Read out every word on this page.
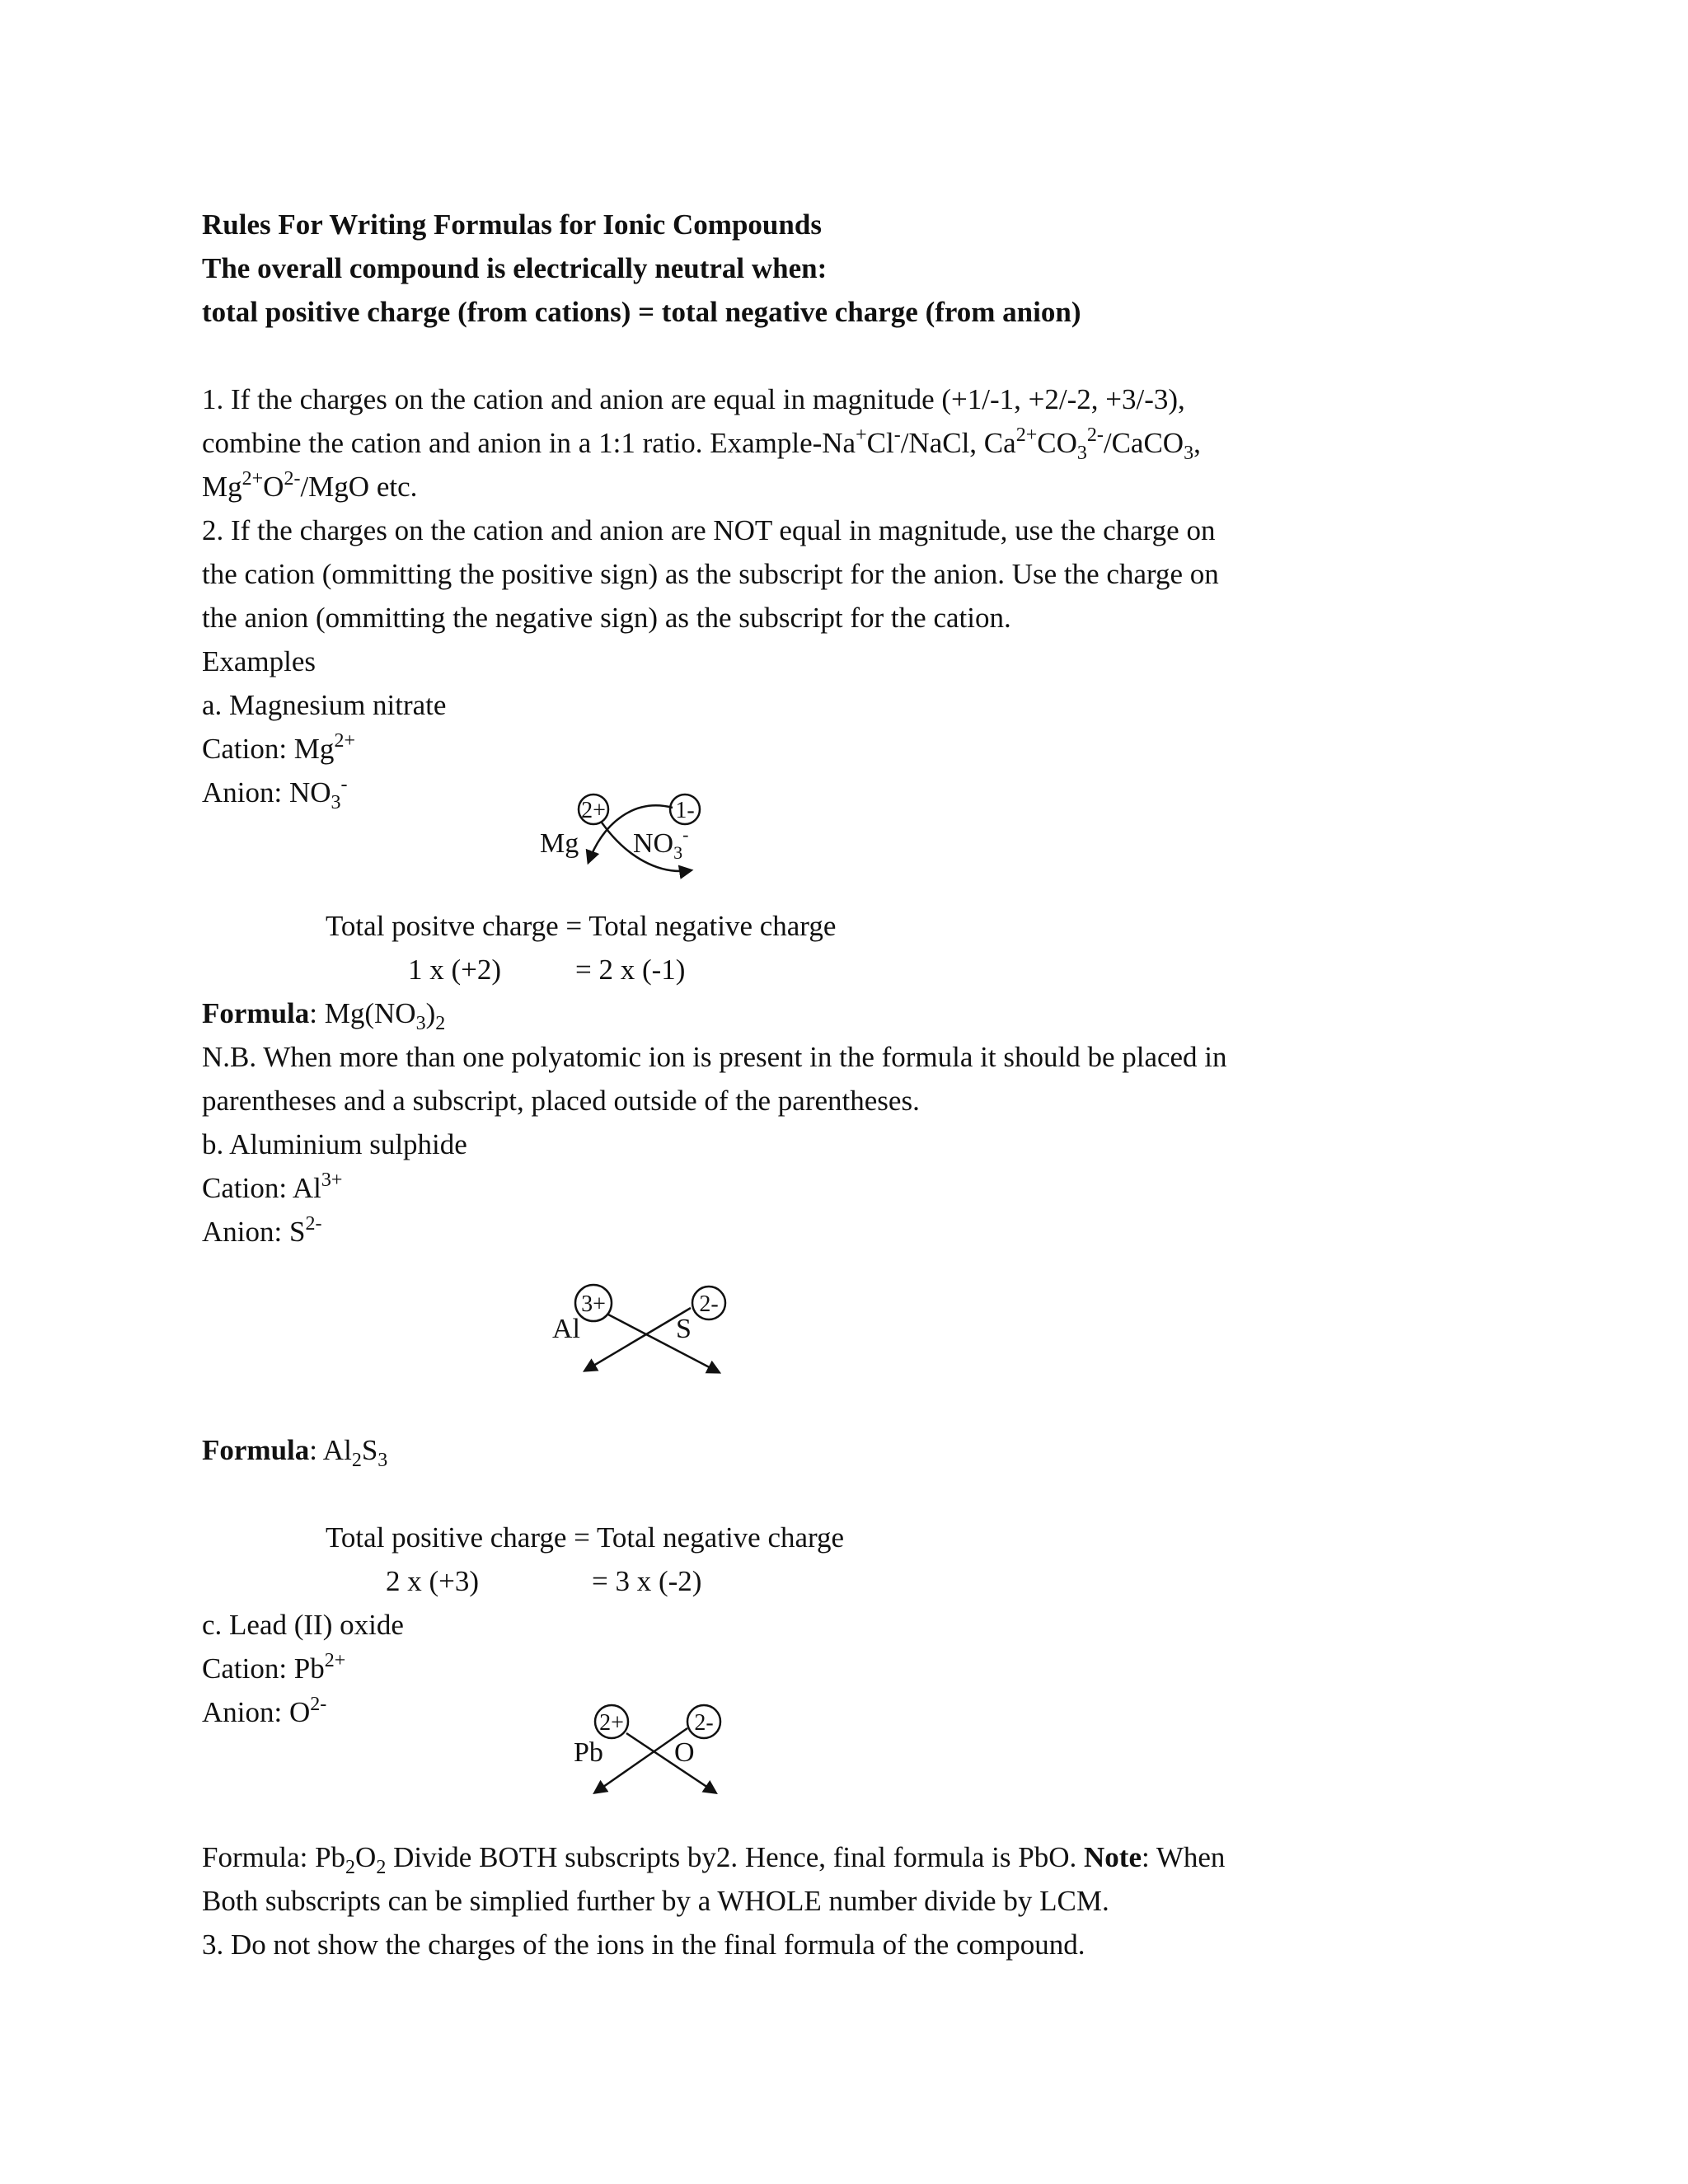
Rules For Writing Formulas for Ionic Compounds

The overall compound is electrically neutral when:

total positive charge (from cations) = total negative charge (from anion)

1. If the charges on the cation and anion are equal in magnitude (+1/-1, +2/-2, +3/-3),

combine the cation and anion in a 1:1 ratio. Example-Na+Cl-/NaCl, $Ca^{2+}CO_3^{2-}/CaCO_3$,

$Mg^{2+}O^{2-}$/MgO etc.

2. If the charges on the cation and anion are NOT equal in magnitude, use the charge on

the cation (ommitting the positive sign) as the subscript for the anion. Use the charge on

the anion (ommitting the negative sign) as the subscript for the cation.

Examples

a. Magnesium nitrate

Cation: $Mg^{2+}$

Anion: $NO_3^-$

2+	1-
Mg $NO_3^-$

Total positve charge = Total negative charge

1 x (+2)	= 2 x (-1)

Formula: $Mg(NO_3)_2$

N.B. When more than one polyatomic ion is present in the formula it should be placed in

parentheses and a subscript, placed outside of the parentheses.

b. Aluminium sulphide

Cation: $Al^{3+}$

Anion: $S^{2-}$

3+	2-
Al	S

Formula: $Al_2S_3$

Total positive charge = Total negative charge

2 x (+3)	= 3 x (-2)

c. Lead (II) oxide

Cation: $Pb^{2+}$

Anion: $O^{2-}$

2+	2-
Pb	O

Formula: $Pb_2O_2$ Divide BOTH subscripts by2. Hence, final formula is PbO. Note: When

Both subscripts can be simplied further by a WHOLE number divide by LCM.

3. Do not show the charges of the ions in the final formula of the compound.
